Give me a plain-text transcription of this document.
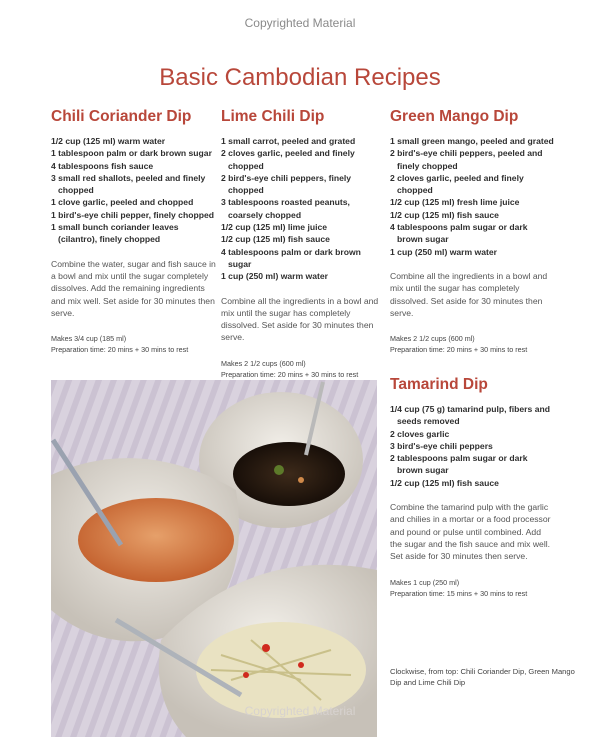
Copyrighted Material
Basic Cambodian Recipes
Chili Coriander Dip
1/2 cup (125 ml) warm water
1 tablespoon palm or dark brown sugar
4 tablespoons fish sauce
3 small red shallots, peeled and finely chopped
1 clove garlic, peeled and chopped
1 bird's-eye chili pepper, finely chopped
1 small bunch coriander leaves (cilantro), finely chopped

Combine the water, sugar and fish sauce in a bowl and mix until the sugar completely dissolves. Add the remaining ingredients and mix well. Set aside for 30 minutes then serve.

Makes 3/4 cup (185 ml)
Preparation time: 20 mins + 30 mins to rest
Lime Chili Dip
1 small carrot, peeled and grated
2 cloves garlic, peeled and finely chopped
2 bird's-eye chili peppers, finely chopped
3 tablespoons roasted peanuts, coarsely chopped
1/2 cup (125 ml) lime juice
1/2 cup (125 ml) fish sauce
4 tablespoons palm or dark brown sugar
1 cup (250 ml) warm water

Combine all the ingredients in a bowl and mix until the sugar has completely dissolved. Set aside for 30 minutes then serve.

Makes 2 1/2 cups (600 ml)
Preparation time: 20 mins + 30 mins to rest
Green Mango Dip
1 small green mango, peeled and grated
2 bird's-eye chili peppers, peeled and finely chopped
2 cloves garlic, peeled and finely chopped
1/2 cup (125 ml) fresh lime juice
1/2 cup (125 ml) fish sauce
4 tablespoons palm sugar or dark brown sugar
1 cup (250 ml) warm water

Combine all the ingredients in a bowl and mix until the sugar has completely dissolved. Set aside for 30 minutes then serve.

Makes 2 1/2 cups (600 ml)
Preparation time: 20 mins + 30 mins to rest
Tamarind Dip
1/4 cup (75 g) tamarind pulp, fibers and seeds removed
2 cloves garlic
3 bird's-eye chili peppers
2 tablespoons palm sugar or dark brown sugar
1/2 cup (125 ml) fish sauce

Combine the tamarind pulp with the garlic and chilies in a mortar or a food processor and pound or pulse until combined. Add the sugar and the fish sauce and mix well. Set aside for 30 minutes then serve.

Makes 1 cup (250 ml)
Preparation time: 15 mins + 30 mins to rest
Clockwise, from top: Chili Coriander Dip, Green Mango Dip and Lime Chili Dip
Copyrighted Material
